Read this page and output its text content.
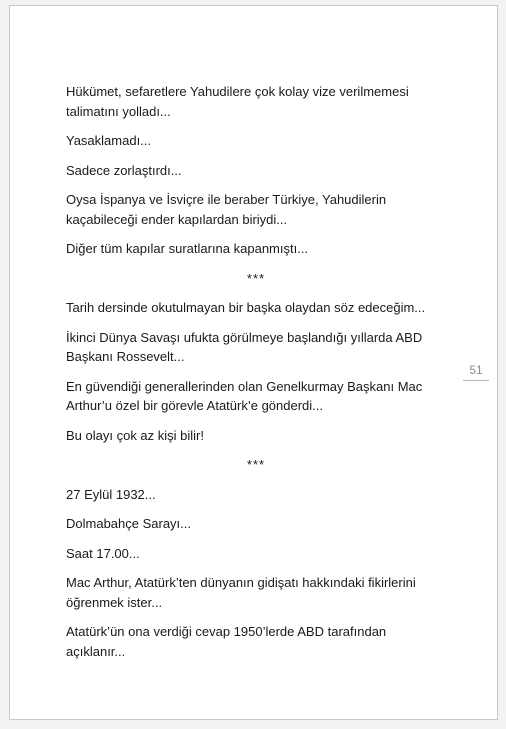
Hükümet, sefaretlere Yahudilere çok kolay vize verilmemesi talimatını yolladı...

Yasaklamadı...

Sadece zorlaştırdı...

Oysa İspanya ve İsviçre ile beraber Türkiye, Yahudilerin kaçabileceği ender kapılardan biriydi...

Diğer tüm kapılar suratlarına kapanmıştı...

***

Tarih dersinde okutulmayan bir başka olaydan söz edeceğim...

İkinci Dünya Savaşı ufukta görülmeye başlandığı yıllarda ABD Başkanı Rossevelt...

En güvendiği generallerinden olan Genelkurmay Başkanı Mac Arthur’u özel bir görevle Atatürk’e gönderdi...

Bu olayı çok az kişi bilir!

***

27 Eylül 1932...

Dolmabahçe Sarayı...

Saat 17.00...

Mac Arthur, Atatürk’ten dünyanın gidişatı hakkındaki fikirlerini öğrenmek ister...

Atatürk’ün ona verdiği cevap 1950’lerde ABD tarafından açıklanır...

51
